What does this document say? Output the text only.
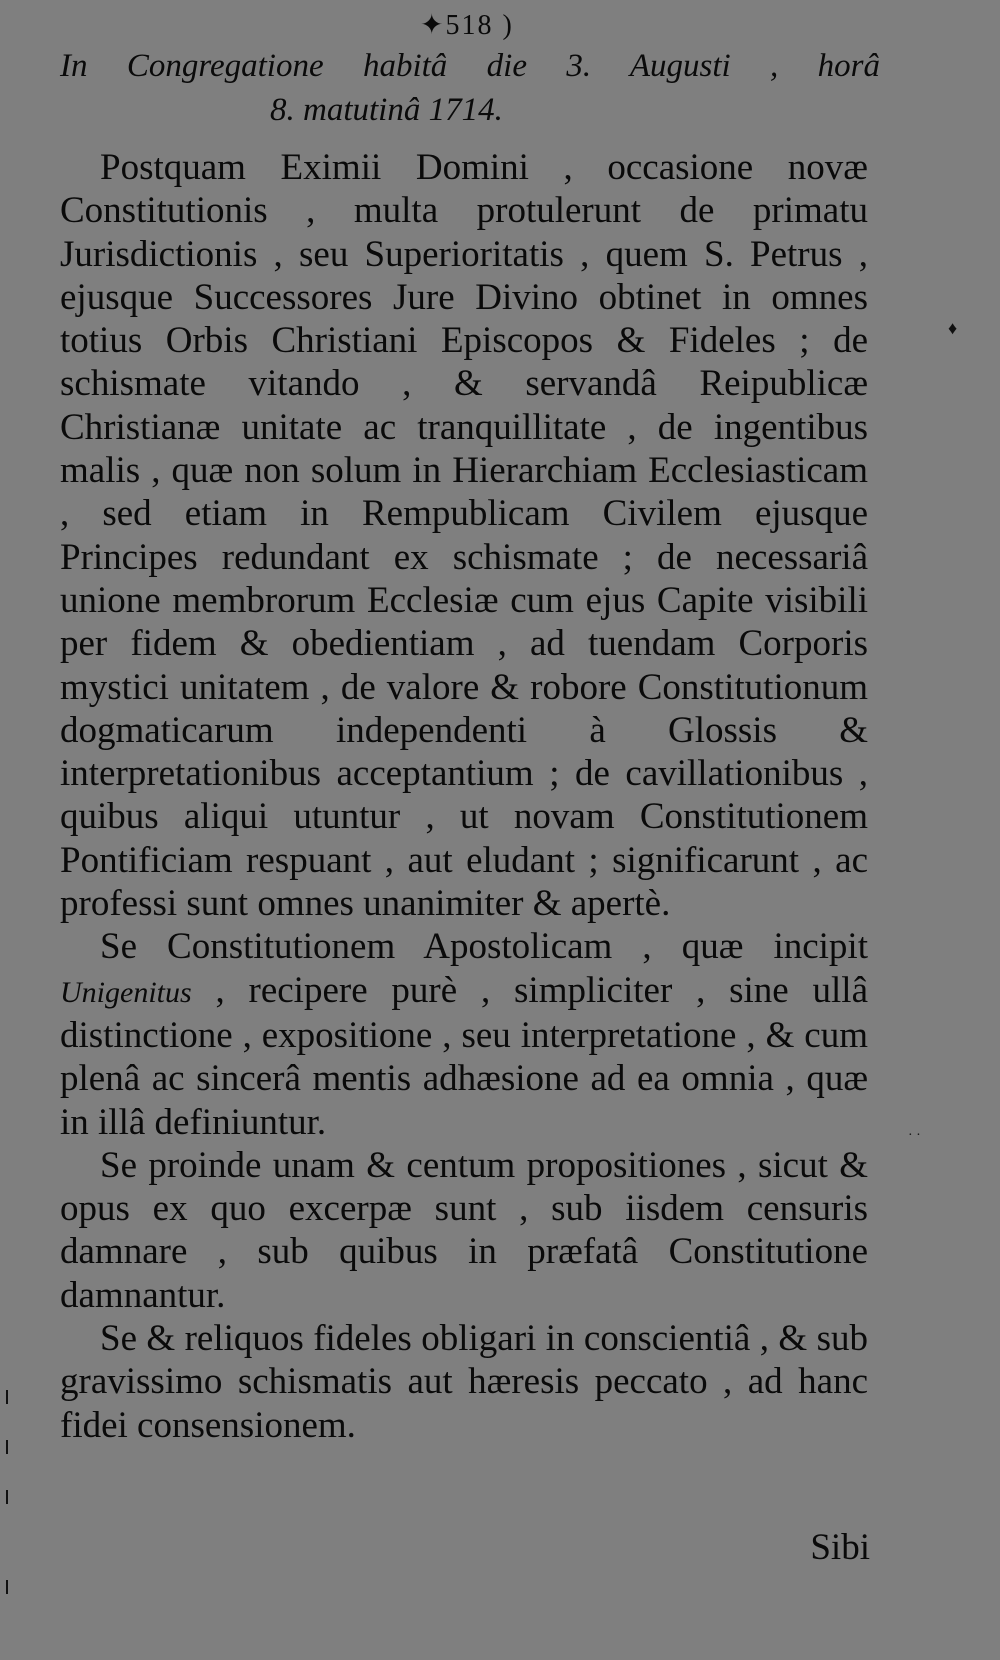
✦518 )
In Congregatione habitâ die 3. Augusti , horâ
8. matutinâ 1714.

Postquam Eximii Domini , occasione novæ Constitutionis , multa protulerunt de primatu Jurisdictionis , seu Superioritatis , quem S. Petrus , ejusque Successores Jure Divino obtinet in omnes totius Orbis Christiani Episcopos & Fideles ; de schismate vitando , & servandâ Reipublicæ Christianæ unitate ac tranquillitate , de ingentibus malis , quæ non solum in Hierarchiam Ecclesiasticam , sed etiam in Rempublicam Civilem ejusque Principes redundant ex schismate ; de necessariâ unione membrorum Ecclesiæ cum ejus Capite visibili per fidem & obedientiam , ad tuendam Corporis mystici unitatem , de valore & robore Constitutionum dogmaticarum independenti à Glossis & interpretationibus acceptantium ; de cavillationibus , quibus aliqui utuntur , ut novam Constitutionem Pontificiam respuant , aut eludant ; significarunt , ac professi sunt omnes unanimiter & apertè.

Se Constitutionem Apostolicam , quæ incipit Unigenitus , recipere purè , simpliciter , sine ullâ distinctione , expositione , seu interpretatione , & cum plenâ ac sincerâ mentis adhæsione ad ea omnia , quæ in illâ definiuntur.

Se proinde unam & centum propositiones , sicut & opus ex quo excerpæ sunt , sub iisdem censuris damnare , sub quibus in præfatâ Constitutione damnantur.

Se & reliquos fideles obligari in conscientiâ , & sub gravissimo schismatis aut hæresis peccato , ad hanc fidei consensionem.

Sibi
♦
· ·
